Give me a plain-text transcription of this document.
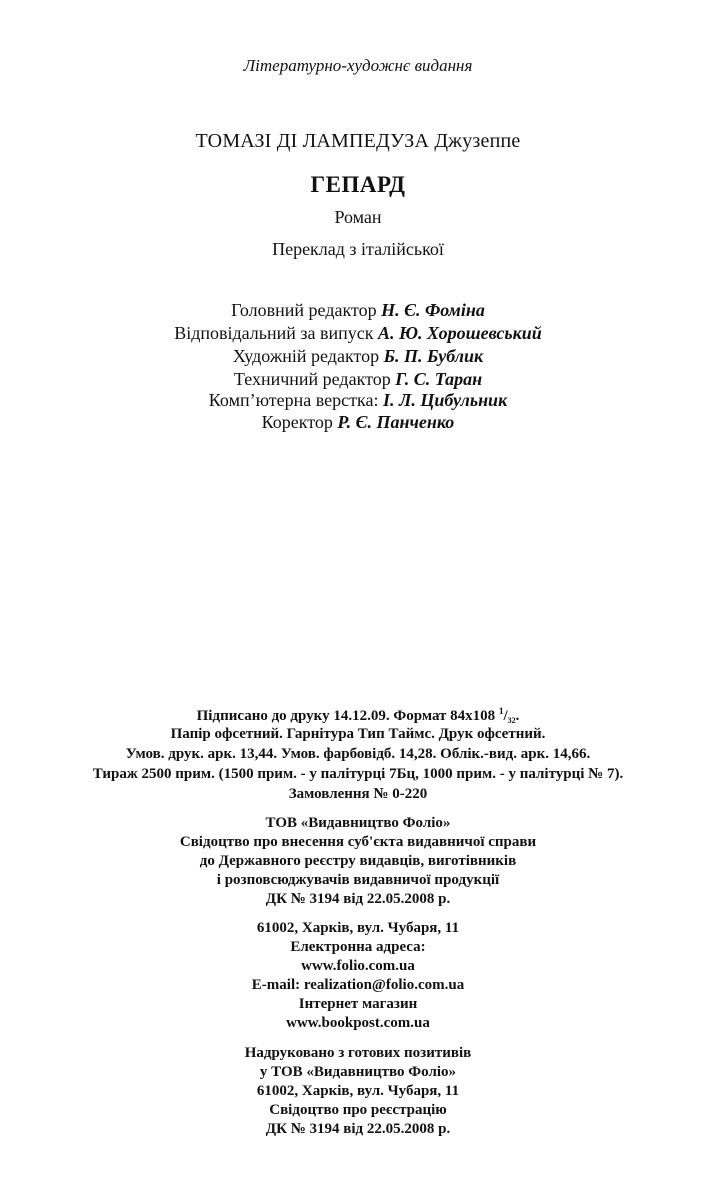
Літературно-художнє видання
ТОМАЗІ ДІ ЛАМПЕДУЗА Джузеппе
ГЕПАРД
Роман
Переклад з італійської
Головний редактор Н. Є. Фоміна
Відповідальний за випуск А. Ю. Хорошевський
Художній редактор Б. П. Бублик
Техничний редактор Г. С. Таран
Комп’ютерна верстка: І. Л. Цибульник
Коректор Р. Є. Панченко
Підписано до друку 14.12.09. Формат 84x108 $^1/_{32}$.
Папір офсетний. Гарнітура Тип Таймс. Друк офсетний.
Умов. друк. арк. 13,44. Умов. фарбовідб. 14,28. Облік.-вид. арк. 14,66.
Тираж 2500 прим. (1500 прим. - у палітурці 7Бц, 1000 прим. - у палітурці № 7).
Замовлення № 0-220
ТОВ «Видавництво Фоліо»
Свідоцтво про внесення суб'єкта видавничої справи
до Державного реєстру видавців, виготівників
і розповсюджувачів видавничої продукції
ДК № 3194 від 22.05.2008 р.
61002, Харків, вул. Чубаря, 11
Електронна адреса:
www.folio.com.ua
E-mail: realization@folio.com.ua
Інтернет магазин
www.bookpost.com.ua
Надруковано з готових позитивів
у ТОВ «Видавництво Фоліо»
61002, Харків, вул. Чубаря, 11
Свідоцтво про реєстрацію
ДК № 3194 від 22.05.2008 р.
